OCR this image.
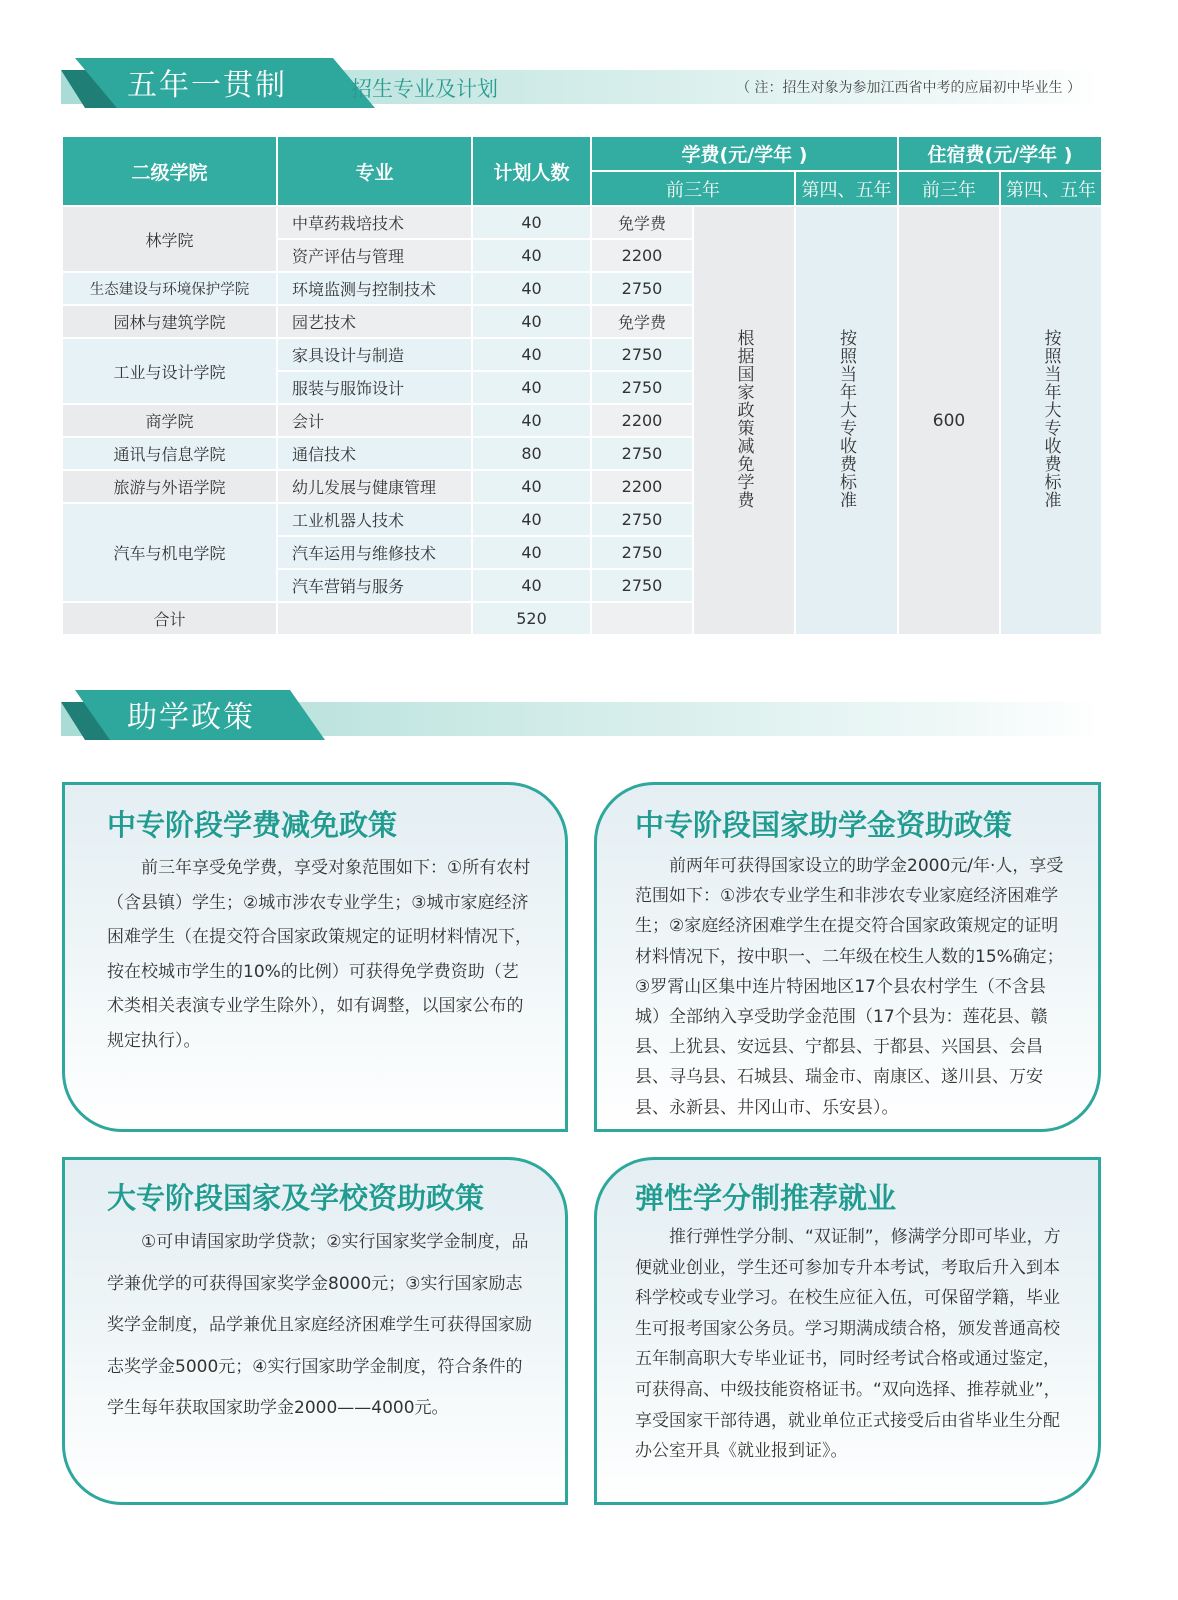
五年一贯制	招生专业及计划	（ 注：招生对象为参加江西省中考的应届初中毕业生 ）
二级学院	专业	计划人数	学费(元/学年 )			住宿费(元/学年 )	
			前三年		第四、五年	前三年	第四、五年
林学院	中草药栽培技术	40	免学费	根据国家政策减免学费	按照当年大专收费标准	600	按照当年大专收费标准
	资产评估与管理	40	2200				
生态建设与环境保护学院	环境监测与控制技术	40	2750				
园林与建筑学院	园艺技术	40	免学费				
工业与设计学院	家具设计与制造	40	2750				
	服装与服饰设计	40	2750				
商学院	会计	40	2200				
通讯与信息学院	通信技术	80	2750				
旅游与外语学院	幼儿发展与健康管理	40	2200				
汽车与机电学院	工业机器人技术	40	2750				
	汽车运用与维修技术	40	2750				
	汽车营销与服务	40	2750				
合计		520					
助学政策
中专阶段学费减免政策

前三年享受免学费，享受对象范围如下：①所有农村（含县镇）学生；②城市涉农专业学生；③城市家庭经济困难学生（在提交符合国家政策规定的证明材料情况下，按在校城市学生的10%的比例）可获得免学费资助（艺术类相关表演专业学生除外），如有调整，以国家公布的规定执行）。

中专阶段国家助学金资助政策

前两年可获得国家设立的助学金2000元/年·人，享受范围如下：①涉农专业学生和非涉农专业家庭经济困难学生；②家庭经济困难学生在提交符合国家政策规定的证明材料情况下，按中职一、二年级在校生人数的15%确定；③罗霄山区集中连片特困地区17个县农村学生（不含县城）全部纳入享受助学金范围（17个县为：莲花县、赣县、上犹县、安远县、宁都县、于都县、兴国县、会昌县、寻乌县、石城县、瑞金市、南康区、遂川县、万安县、永新县、井冈山市、乐安县）。

大专阶段国家及学校资助政策

①可申请国家助学贷款；②实行国家奖学金制度，品学兼优学的可获得国家奖学金8000元；③实行国家励志奖学金制度，品学兼优且家庭经济困难学生可获得国家励志奖学金5000元；④实行国家助学金制度，符合条件的学生每年获取国家助学金2000——4000元。

弹性学分制推荐就业

推行弹性学分制、“双证制”，修满学分即可毕业，方便就业创业，学生还可参加专升本考试，考取后升入到本科学校或专业学习。在校生应征入伍，可保留学籍，毕业生可报考国家公务员。学习期满成绩合格，颁发普通高校五年制高职大专毕业证书，同时经考试合格或通过鉴定，可获得高、中级技能资格证书。“双向选择、推荐就业”，享受国家干部待遇，就业单位正式接受后由省毕业生分配办公室开具《就业报到证》。
